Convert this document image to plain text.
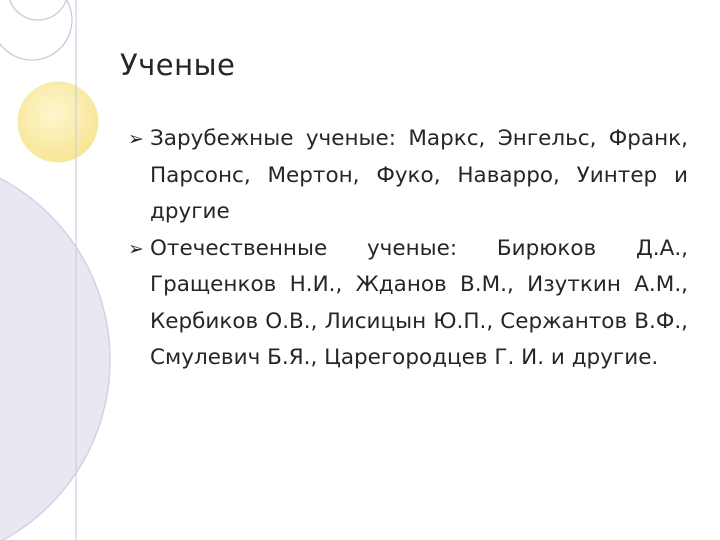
Ученые
➢ Зарубежные ученые: Маркс, Энгельс, Франк, Парсонс, Мертон, Фуко, Наварро, Уинтер и другие
➢ Отечественные ученые: Бирюков Д.А., Гращенков Н.И., Жданов В.М., Изуткин А.М., Кербиков О.В., Лисицын Ю.П., Сержантов В.Ф., Смулевич Б.Я., Царегородцев Г. И. и другие.
